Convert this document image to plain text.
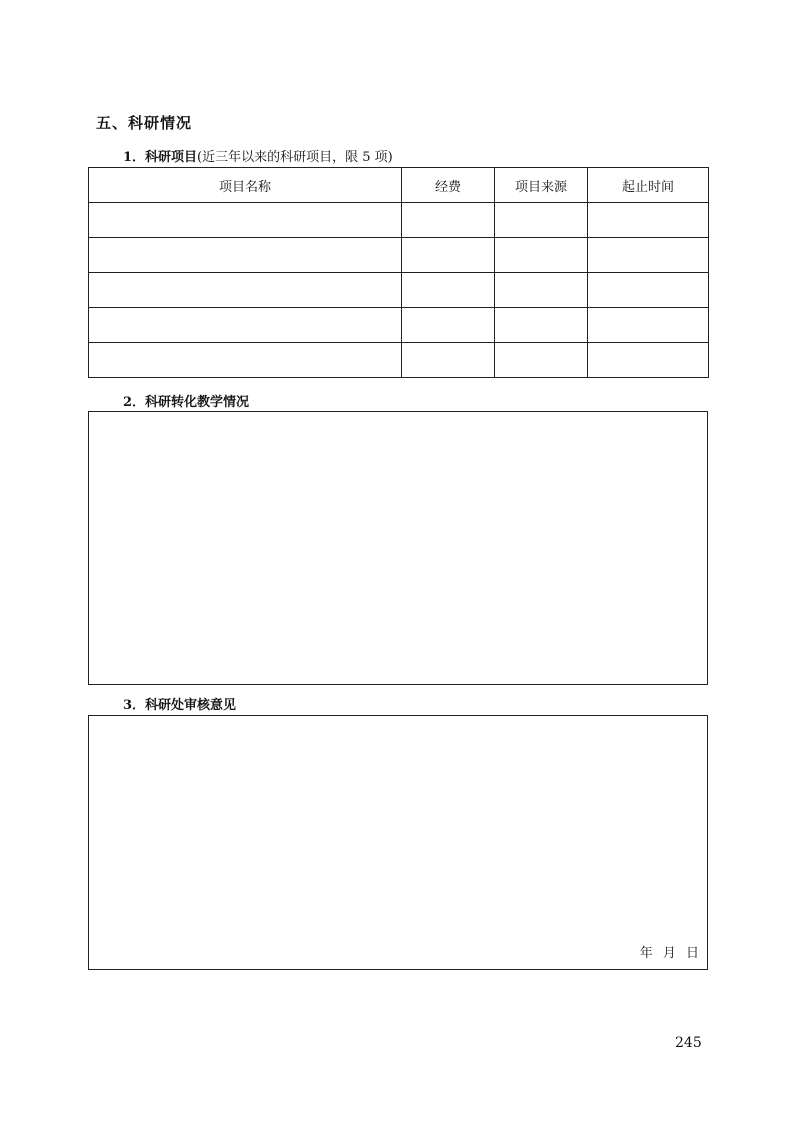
五、科研情况
1．科研项目(近三年以来的科研项目，限 5 项)
项目名称	经费	项目来源	起止时间

2．科研转化教学情况
3．科研处审核意见
年 月 日
245
